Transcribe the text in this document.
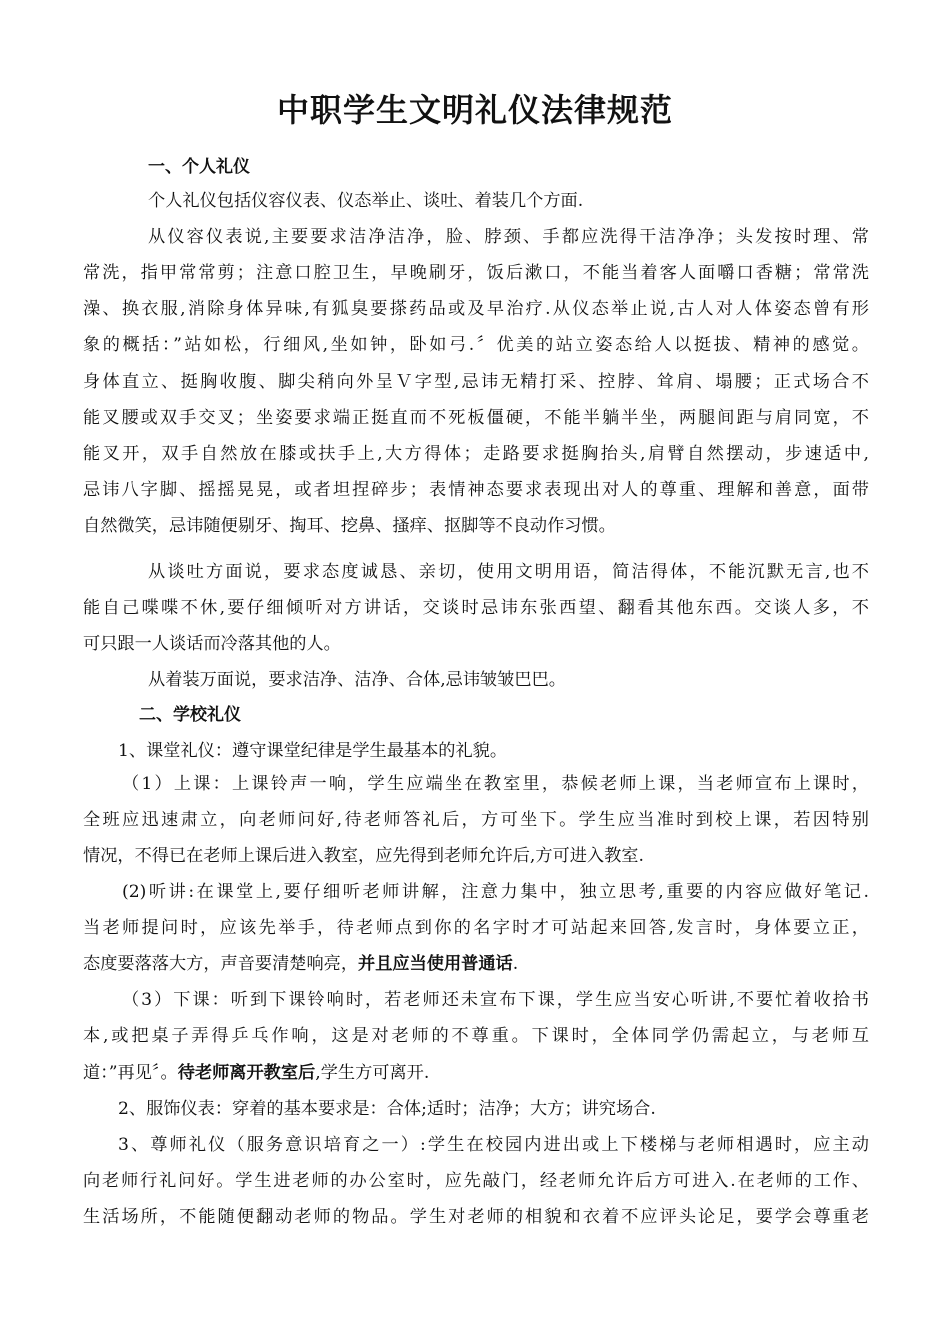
中职学生文明礼仪法律规范
一、个人礼仪
个人礼仪包括仪容仪表、仪态举止、谈吐、着装几个方面.
从仪容仪表说,主要要求洁净洁净，脸、脖颈、手都应洗得干洁净净；头发按时理、常
常洗，指甲常常剪；注意口腔卫生，早晚刷牙，饭后漱口，不能当着客人面嚼口香糖；常常洗
澡、换衣服,消除身体异味,有狐臭要搽药品或及早治疗.从仪态举止说,古人对人体姿态曾有形
象的概括：”站如松，行细风,坐如钟，卧如弓.〞优美的站立姿态给人以挺拔、精神的感觉。
身体直立、挺胸收腹、脚尖稍向外呈Ｖ字型,忌讳无精打采、控脖、耸肩、塌腰；正式场合不
能叉腰或双手交叉；坐姿要求端正挺直而不死板僵硬，不能半躺半坐，两腿间距与肩同宽，不
能叉开，双手自然放在膝或扶手上,大方得体；走路要求挺胸抬头,肩臂自然摆动，步速适中,
忌讳八字脚、摇摇晃晃，或者坦捏碎步；表情神态要求表现出对人的尊重、理解和善意，面带
自然微笑，忌讳随便剔牙、掏耳、挖鼻、搔痒、抠脚等不良动作习惯。
从谈吐方面说，要求态度诚恳、亲切，使用文明用语，简洁得体，不能沉默无言,也不
能自己喋喋不休,要仔细倾听对方讲话，交谈时忌讳东张西望、翻看其他东西。交谈人多，不
可只跟一人谈话而冷落其他的人。
从着装万面说，要求洁净、洁净、合体,忌讳皱皱巴巴。
二、学校礼仪
1、课堂礼仪：遵守课堂纪律是学生最基本的礼貌。
（1）上课：上课铃声一响，学生应端坐在教室里，恭候老师上课，当老师宣布上课时，
全班应迅速肃立，向老师问好,待老师答礼后，方可坐下。学生应当准时到校上课，若因特别
情况，不得已在老师上课后进入教室，应先得到老师允许后,方可进入教室.
(2)听讲:在课堂上,要仔细听老师讲解，注意力集中，独立思考,重要的内容应做好笔记.
当老师提问时，应该先举手，待老师点到你的名字时才可站起来回答,发言时，身体要立正，
态度要落落大方，声音要清楚响亮，并且应当使用普通话.
（3）下课：听到下课铃响时，若老师还未宣布下课，学生应当安心听讲,不要忙着收拾书
本,或把桌子弄得乒乓作响，这是对老师的不尊重。下课时，全体同学仍需起立，与老师互
道：”再见〞。待老师离开教室后,学生方可离开.
2、服饰仪表：穿着的基本要求是：合体;适时；洁净；大方；讲究场合.
3、尊师礼仪（服务意识培育之一）:学生在校园内进出或上下楼梯与老师相遇时，应主动
向老师行礼问好。学生进老师的办公室时，应先敲门，经老师允许后方可进入.在老师的工作、
生活场所，不能随便翻动老师的物品。学生对老师的相貌和衣着不应评头论足，要学会尊重老
